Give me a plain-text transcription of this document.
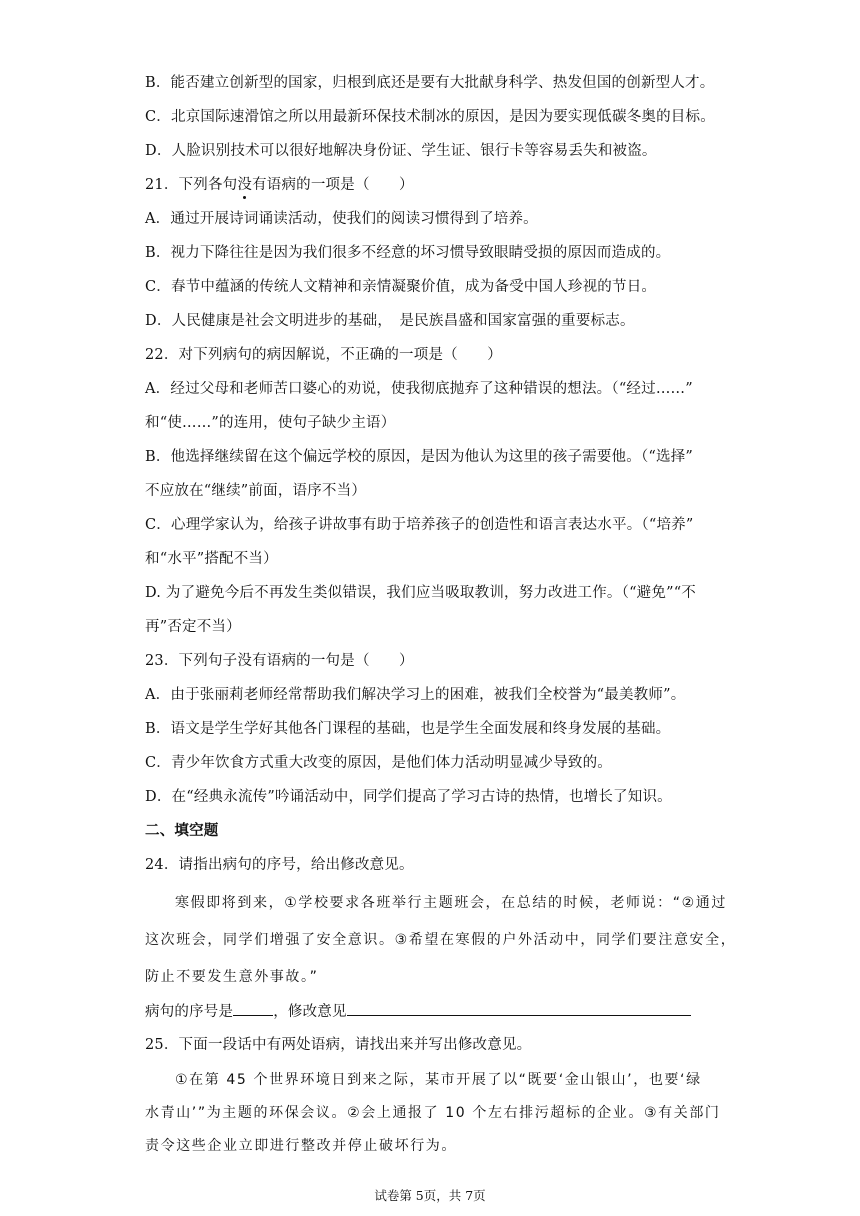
B．能否建立创新型的国家，归根到底还是要有大批献身科学、热发但国的创新型人才。
C．北京国际速滑馆之所以用最新环保技术制冰的原因，是因为要实现低碳冬奥的目标。
D．人脸识别技术可以很好地解决身份证、学生证、银行卡等容易丢失和被盗。
21．下列各句没有语病的一项是（　　）
A．通过开展诗词诵读活动，使我们的阅读习惯得到了培养。
B．视力下降往往是因为我们很多不经意的坏习惯导致眼睛受损的原因而造成的。
C．春节中蕴涵的传统人文精神和亲情凝聚价值，成为备受中国人珍视的节日。
D．人民健康是社会文明进步的基础，　是民族昌盛和国家富强的重要标志。
22．对下列病句的病因解说，不正确的一项是（　　）
A．经过父母和老师苦口婆心的劝说，使我彻底抛弃了这种错误的想法。（“经过……”
和“使……”的连用，使句子缺少主语）
B．他选择继续留在这个偏远学校的原因，是因为他认为这里的孩子需要他。（“选择”
不应放在“继续”前面，语序不当）
C．心理学家认为，给孩子讲故事有助于培养孩子的创造性和语言表达水平。（“培养”
和“水平”搭配不当）
D. 为了避免今后不再发生类似错误，我们应当吸取教训，努力改进工作。（“避免”“不
再”否定不当）
23．下列句子没有语病的一句是（　　）
A．由于张丽莉老师经常帮助我们解决学习上的困难，被我们全校誉为“最美教师”。
B．语文是学生学好其他各门课程的基础，也是学生全面发展和终身发展的基础。
C．青少年饮食方式重大改变的原因，是他们体力活动明显减少导致的。
D．在“经典永流传”吟诵活动中，同学们提高了学习古诗的热情，也增长了知识。
二、填空题
24．请指出病句的序号，给出修改意见。
寒假即将到来，①学校要求各班举行主题班会，在总结的时候，老师说：“②通过
这次班会，同学们增强了安全意识。③希望在寒假的户外活动中，同学们要注意安全，
防止不要发生意外事故。”
病句的序号是	，修改意见
25．下面一段话中有两处语病，请找出来并写出修改意见。
①在第 45 个世界环境日到来之际，某市开展了以“既要‘金山银山’，也要‘绿
水青山’”为主题的环保会议。②会上通报了 10 个左右排污超标的企业。③有关部门
责令这些企业立即进行整改并停止破坏行为。
试卷第 5页，共 7页
